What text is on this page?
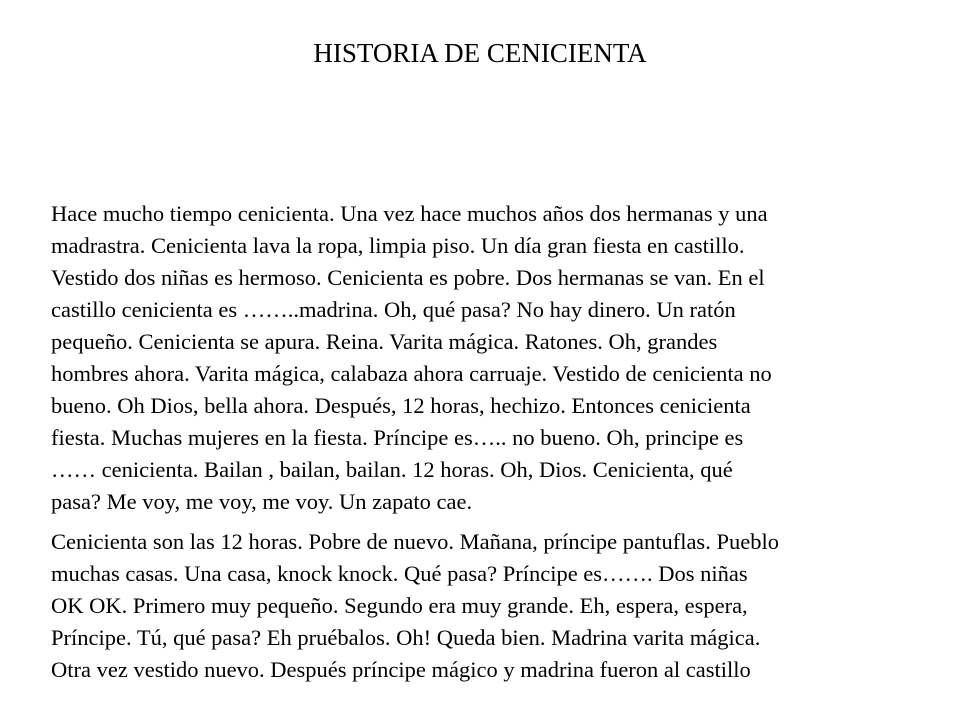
HISTORIA DE CENICIENTA

Hace mucho tiempo cenicienta. Una vez hace muchos años dos hermanas y una
madrastra. Cenicienta lava la ropa, limpia piso. Un día gran fiesta en castillo.
Vestido dos niñas es hermoso. Cenicienta es pobre. Dos hermanas se van. En el
castillo cenicienta es ……..madrina. Oh, qué pasa? No hay dinero. Un ratón
pequeño. Cenicienta se apura. Reina. Varita mágica. Ratones. Oh, grandes
hombres ahora. Varita mágica, calabaza ahora carruaje. Vestido de cenicienta no
bueno. Oh Dios, bella ahora. Después, 12 horas, hechizo. Entonces cenicienta
fiesta. Muchas mujeres en la fiesta. Príncipe es….. no bueno. Oh, principe es
…… cenicienta. Bailan , bailan, bailan. 12 horas. Oh, Dios. Cenicienta, qué
pasa? Me voy, me voy, me voy. Un zapato cae.

Cenicienta son las 12 horas. Pobre de nuevo. Mañana, príncipe pantuflas. Pueblo
muchas casas. Una casa, knock knock. Qué pasa? Príncipe es……. Dos niñas
OK OK. Primero muy pequeño. Segundo era muy grande. Eh, espera, espera,
Príncipe. Tú, qué pasa? Eh pruébalos. Oh! Queda bien. Madrina varita mágica.
Otra vez vestido nuevo. Después príncipe mágico y madrina fueron al castillo
